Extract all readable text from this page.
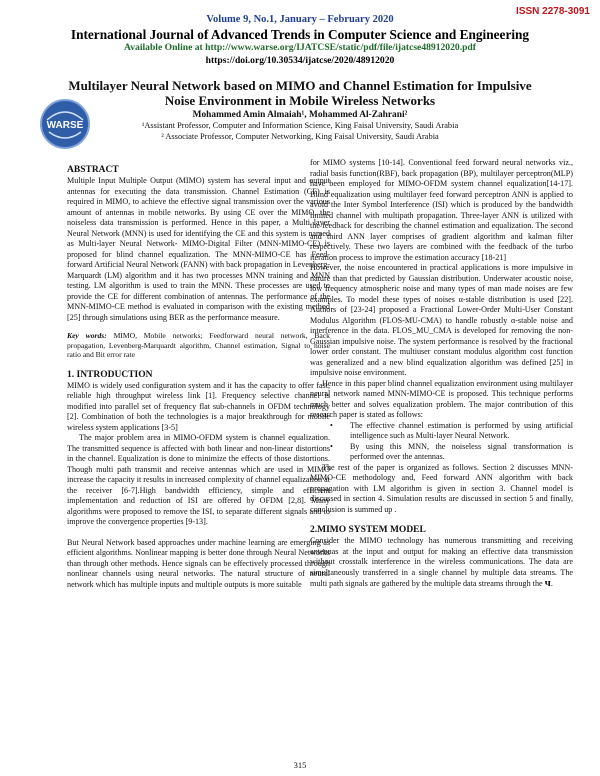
ISSN 2278-3091
Volume 9, No.1, January – February 2020
International Journal of Advanced Trends in Computer Science and Engineering
Available Online at http://www.warse.org/IJATCSE/static/pdf/file/ijatcse48912020.pdf
https://doi.org/10.30534/ijatcse/2020/48912020
WARSE
Multilayer Neural Network based on MIMO and Channel Estimation for Impulsive Noise Environment in Mobile Wireless Networks
Mohammed Amin Almaiah¹, Mohammed Al-Zahrani²
¹Assistant Professor, Computer and Information Science, King Faisal University, Saudi Arabia
² Associate Professor, Computer Networking, King Faisal University, Saudi Arabia
ABSTRACT

Multiple Input Multiple Output (MIMO) system has several input and output antennas for executing the data transmission. Channel Estimation (CE) is required in MIMO, to achieve the effective signal transmission over the various amount of antennas in mobile networks. By using CE over the MIMO, the noiseless data transmission is performed. Hence in this paper, a Multi layer Neural Network (MNN) is used for identifying the CE and this system is named as Multi-layer Neural Network- MIMO-Digital Filter (MNN-MIMO-CE) is proposed for blind channel equalization. The MNN-MIMO-CE has Feed-forward Artificial Neural Network (FANN) with back propagation in Levenberg-Marquardt (LM) algorithm and it has two processes MNN training and MNN testing. LM algorithm is used to train the MNN. These processes are used to provide the CE for different combination of antennas. The performance of the MNN-MIMO-CE method is evaluated in comparison with the existing method [25] through simulations using BER as the performance measure.

Key words: MIMO, Mobile networks; Feedforward neural network, Back propagation, Levenberg-Marquardt algorithm, Channel estimation, Signal to noise ratio and Bit error rate

1. INTRODUCTION

MIMO is widely used configuration system and it has the capacity to offer fast, reliable high throughput wireless link [1]. Frequency selective channel is modified into parallel set of frequency flat sub-channels in OFDM technology [2]. Combination of both the technologies is a major breakthrough for mobile wireless system applications [3-5]

The major problem area in MIMO-OFDM system is channel equalization. The transmitted sequence is affected with both linear and non-linear distortions in the channel. Equalization is done to minimize the effects of those distortions. Though multi path transmit and receive antennas which are used in MIMO increase the capacity it results in increased complexity of channel equalization at the receiver [6-7].High bandwidth efficiency, simple and efficient implementation and reduction of ISI are offered by OFDM [2,8]. Many algorithms were proposed to remove the ISI, to separate different signals and to improve the convergence properties [9-13].

But Neural Network based approaches under machine learning are emerging as efficient algorithms. Nonlinear mapping is better done through Neural Networks than through other methods. Hence signals can be effectively processed through nonlinear channels using neural networks. The natural structure of neural network which has multiple inputs and multiple outputs is more suitable

for MIMO systems [10-14]. Conventional feed forward neural networks viz., radial basis function(RBF), back propagation (BP), multilayer perceptron(MLP) have been employed for MIMO-OFDM system channel equalization[14-17]. Blind equalization using multilayer feed forward perceptron ANN is applied to avoid the Inter Symbol Interference (ISI) which is produced by the bandwidth limited channel with multipath propagation. Three-layer ANN is utilized with the feedback for describing the channel estimation and equalization. The second and third ANN layer comprises of gradient algorithm and kalman filter respectively. These two layers are combined with the feedback of the turbo iteration process to improve the estimation accuracy [18-21]

However, the noise encountered in practical applications is more impulsive in nature than that predicted by Gaussian distribution. Underwater acoustic noise, low frequency atmospheric noise and many types of man made noises are few examples. To model these types of noises α-stable distribution is used [22]. Authors of [23-24] proposed a Fractional Lower-Order Multi-User Constant Modulus Algorithm (FLOS-MU-CMA) to handle robustly α-stable noise and interference in the data. FLOS_MU_CMA is developed for removing the non-Gaussian impulsive noise. The system performance is resolved by the fractional lower order constant. The multiuser constant modulus algorithm cost function was generalized and a new blind equalization algorithm was defined [25] in impulsive noise environment.

Hence in this paper blind channel equalization environment using multilayer neural network named MNN-MIMO-CE is proposed. This technique performs much better and solves equalization problem. The major contribution of this research paper is stated as follows:

• The effective channel estimation is performed by using artificial intelligence such as Multi-layer Neural Network.
• By using this MNN, the noiseless signal transformation is performed over the antennas.

The rest of the paper is organized as follows. Section 2 discusses MNN-MIMO-CE methodology and, Feed forward ANN algorithm with back propagation with LM algorithm is given in section 3. Channel model is discussed in section 4. Simulation results are discussed in section 5 and finally, conclusion is summed up .

2.MIMO SYSTEM MODEL

Consider the MIMO technology has numerous transmitting and receiving antennas at the input and output for making an effective data transmission without crosstalk interference in the wireless communications. The data are simultaneously transferred in a single channel by multiple data streams. The multi path signals are gathered by the multiple data streams through the ч.

315
